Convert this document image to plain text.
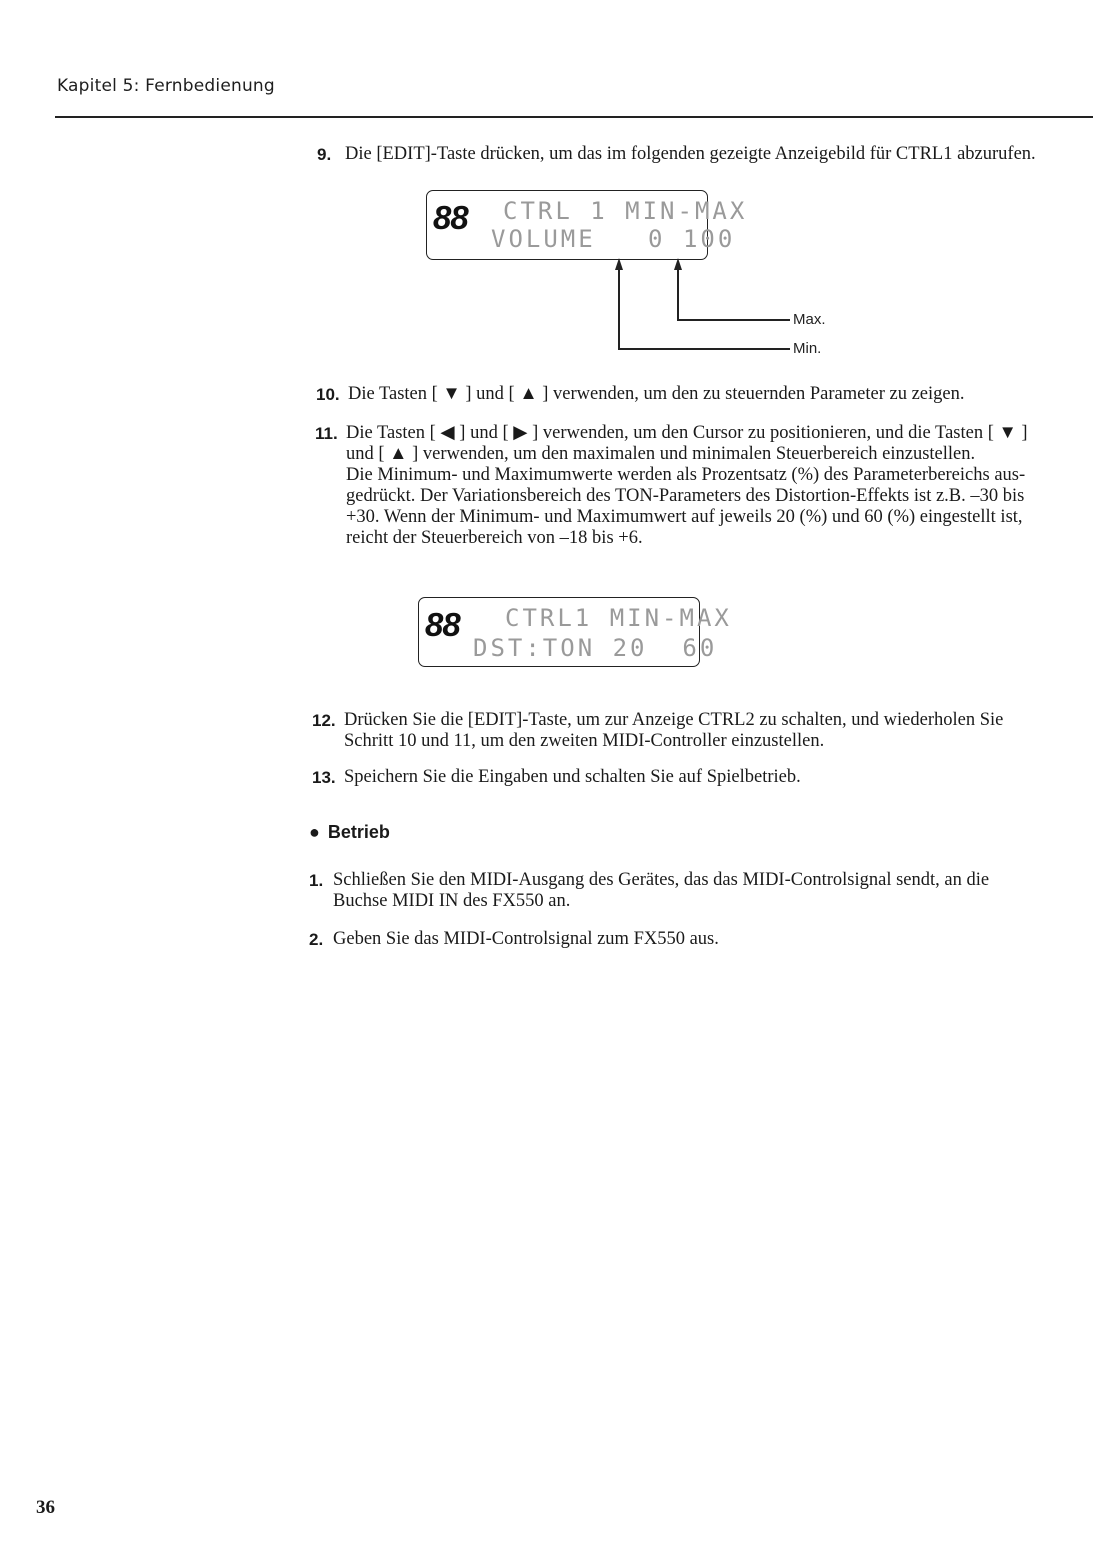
Kapitel 5: Fernbedienung
9. Die [EDIT]-Taste drücken, um das im folgenden gezeigte Anzeigebild für CTRL1 abzurufen.

88 CTRL 1 MIN-MAX
VOLUME   0 100
Max.
Min.
10. Die Tasten [ ▼ ] und [ ▲ ] verwenden, um den zu steuernden Parameter zu zeigen.

11. Die Tasten [ ◀ ] und [ ▶ ] verwenden, um den Cursor zu positionieren, und die Tasten [ ▼ ]

und [ ▲ ] verwenden, um den maximalen und minimalen Steuerbereich einzustellen.

Die Minimum- und Maximumwerte werden als Prozentsatz (%) des Parameterbereichs aus-

gedrückt. Der Variationsbereich des TON-Parameters des Distortion-Effekts ist z.B. –30 bis

+30. Wenn der Minimum- und Maximumwert auf jeweils 20 (%) und 60 (%) eingestellt ist,

reicht der Steuerbereich von –18 bis +6.

88 CTRL1 MIN-MAX
DST:TON 20  60
12. Drücken Sie die [EDIT]-Taste, um zur Anzeige CTRL2 zu schalten, und wiederholen Sie

Schritt 10 und 11, um den zweiten MIDI-Controller einzustellen.

13. Speichern Sie die Eingaben und schalten Sie auf Spielbetrieb.

● Betrieb
1. Schließen Sie den MIDI-Ausgang des Gerätes, das das MIDI-Controlsignal sendt, an die

Buchse MIDI IN des FX550 an.

2. Geben Sie das MIDI-Controlsignal zum FX550 aus.

36
